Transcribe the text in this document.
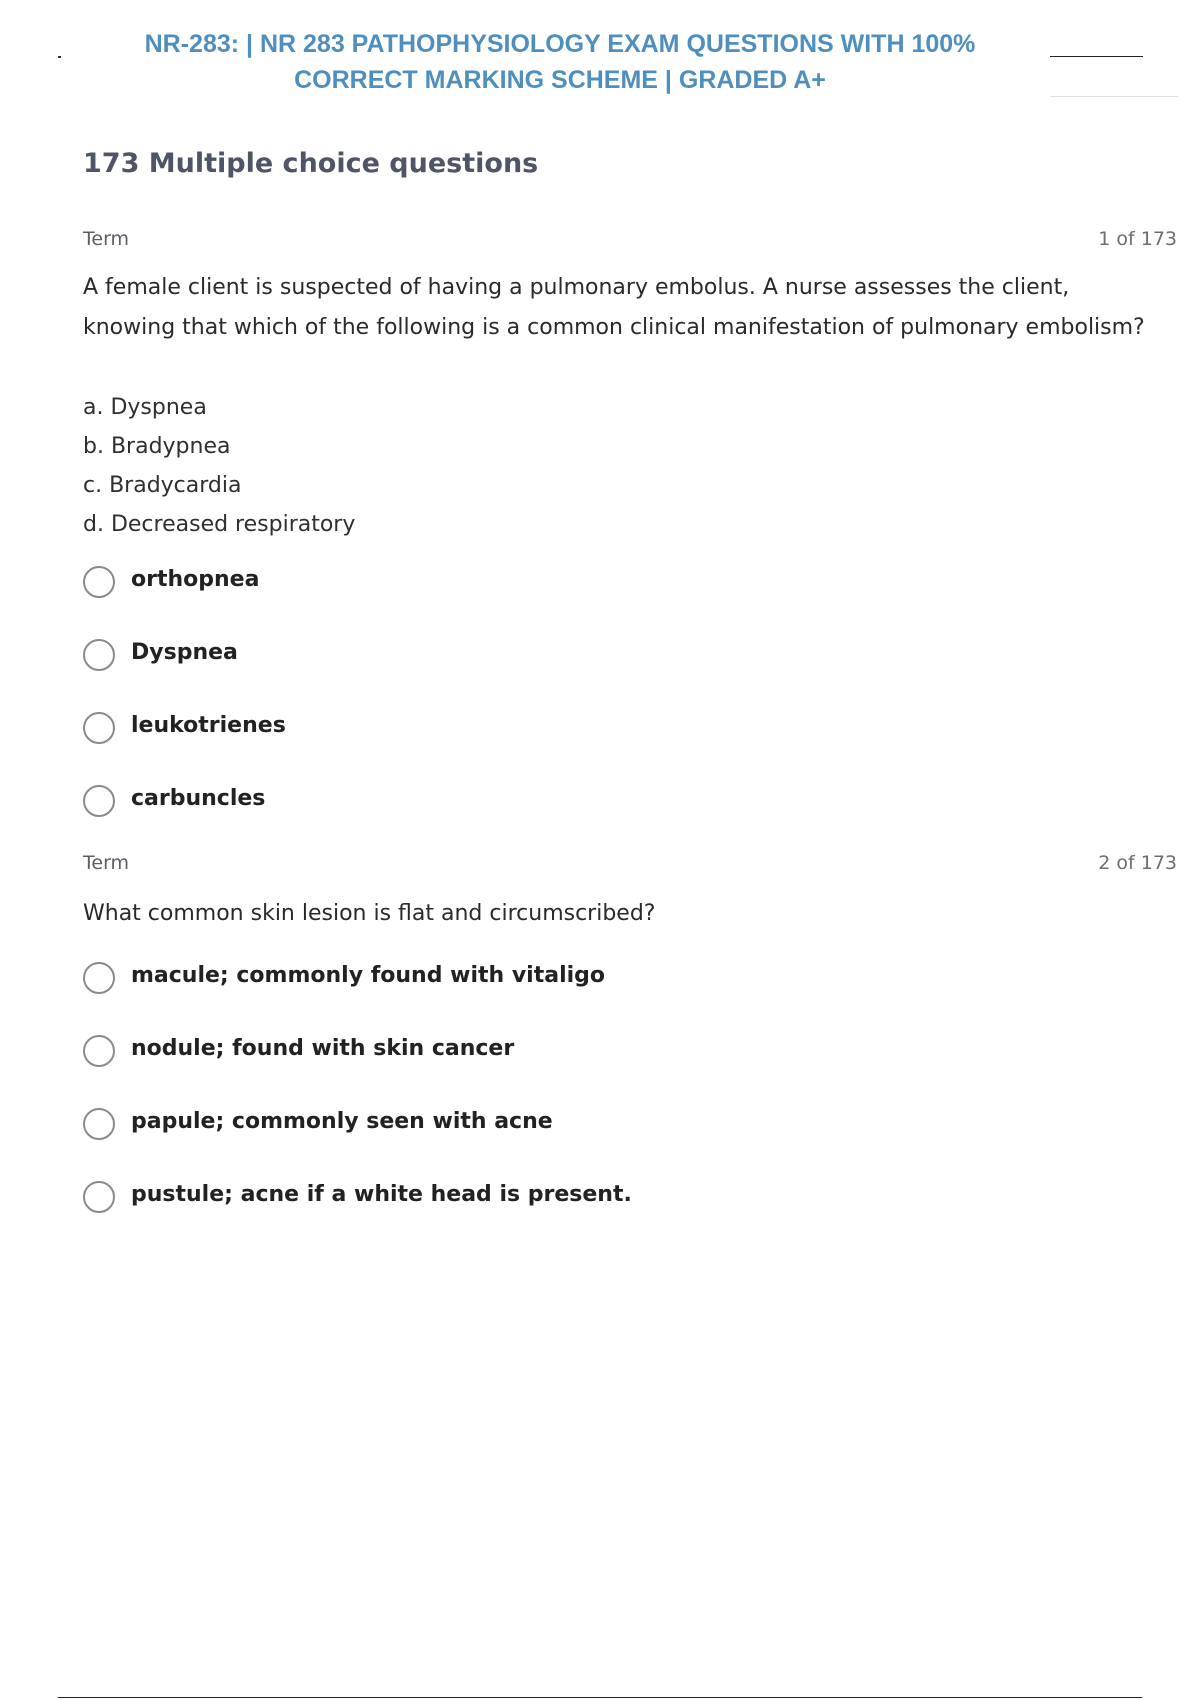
NR-283: | NR 283 PATHOPHYSIOLOGY EXAM QUESTIONS WITH 100%
CORRECT MARKING SCHEME | GRADED A+
173 Multiple choice questions
Term	1 of 173

A female client is suspected of having a pulmonary embolus. A nurse assesses the client, knowing that which of the following is a common clinical manifestation of pulmonary embolism?

a. Dyspnea
b. Bradypnea
c. Bradycardia
d. Decreased respiratory
orthopnea
Dyspnea
leukotrienes
carbuncles
Term	2 of 173

What common skin lesion is flat and circumscribed?

macule; commonly found with vitaligo
nodule; found with skin cancer
papule; commonly seen with acne
pustule; acne if a white head is present.
